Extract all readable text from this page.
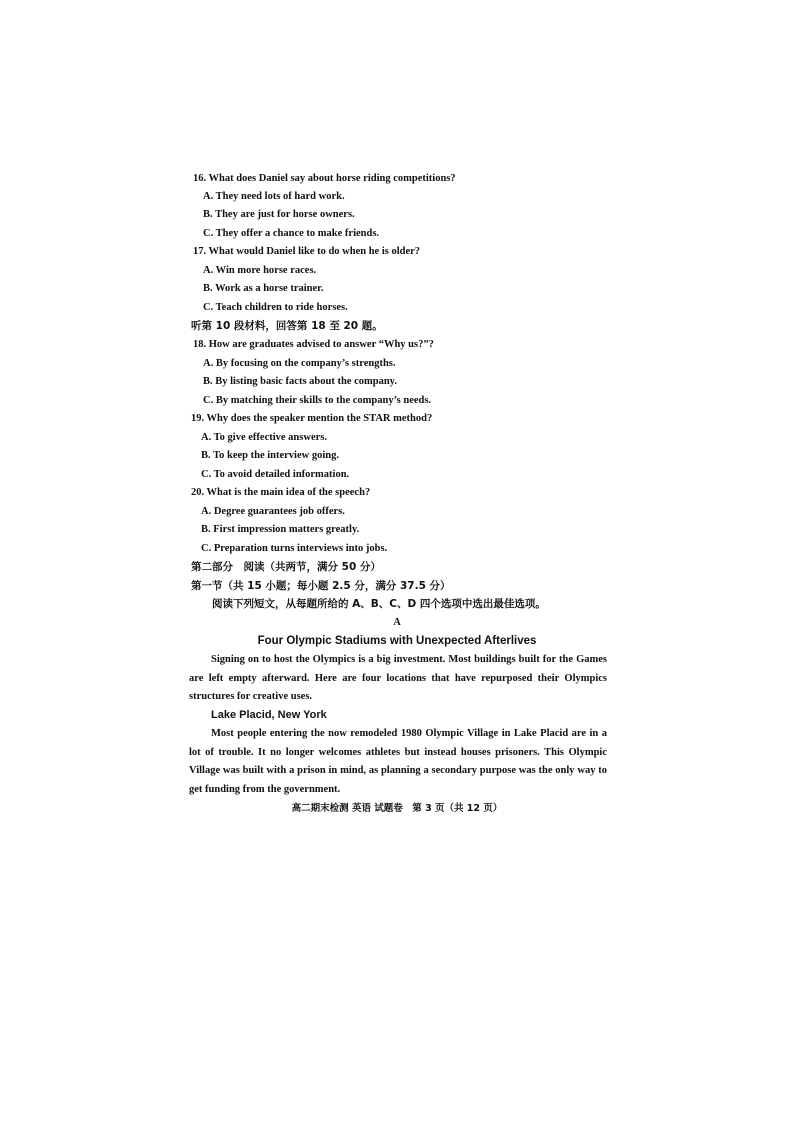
16. What does Daniel say about horse riding competitions?
A. They need lots of hard work.
B. They are just for horse owners.
C. They offer a chance to make friends.
17. What would Daniel like to do when he is older?
A. Win more horse races.
B. Work as a horse trainer.
C. Teach children to ride horses.
听第 10 段材料，回答第 18 至 20 题。
18. How are graduates advised to answer “Why us?”?
A. By focusing on the company’s strengths.
B. By listing basic facts about the company.
C. By matching their skills to the company’s needs.
19. Why does the speaker mention the STAR method?
A. To give effective answers.
B. To keep the interview going.
C. To avoid detailed information.
20. What is the main idea of the speech?
A. Degree guarantees job offers.
B. First impression matters greatly.
C. Preparation turns interviews into jobs.
第二部分　阅读（共两节，满分 50 分）
第一节（共 15 小题；每小题 2.5 分，满分 37.5 分）
阅读下列短文，从每题所给的 A、B、C、D 四个选项中选出最佳选项。
A
Four Olympic Stadiums with Unexpected Afterlives
Signing on to host the Olympics is a big investment. Most buildings built for the Games are left empty afterward. Here are four locations that have repurposed their Olympics structures for creative uses.
Lake Placid, New York
Most people entering the now remodeled 1980 Olympic Village in Lake Placid are in a lot of trouble. It no longer welcomes athletes but instead houses prisoners. This Olympic Village was built with a prison in mind, as planning a secondary purpose was the only way to get funding from the government.
高二期末检测 英语 试题卷　第 3 页（共 12 页）
